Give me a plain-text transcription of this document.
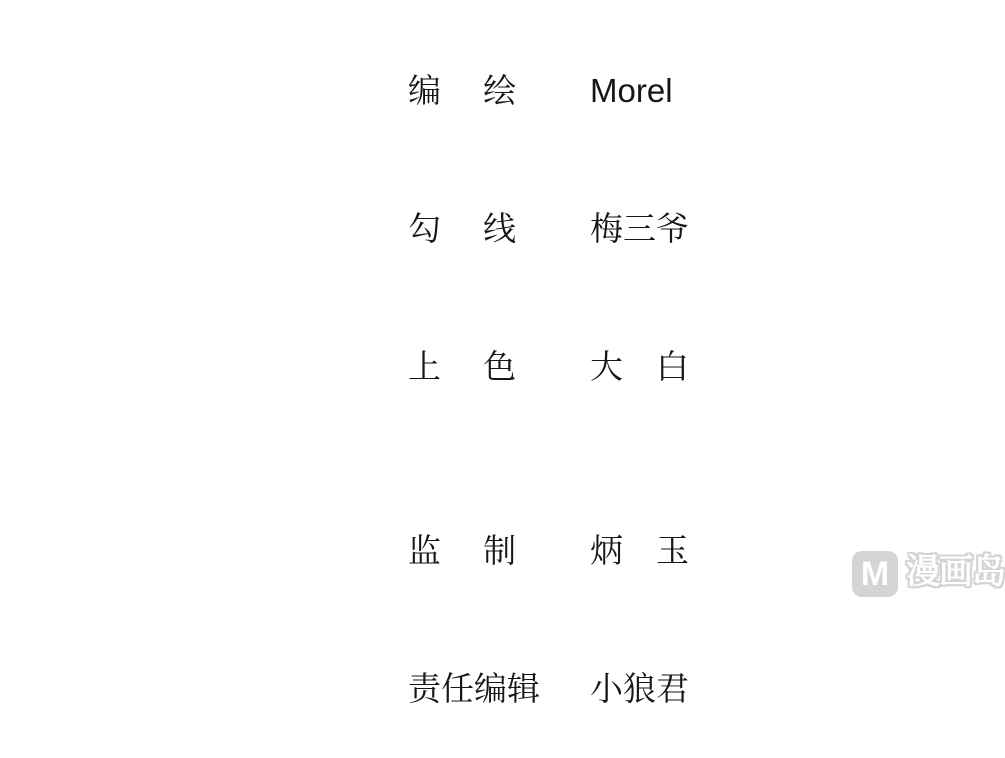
编　 绘 Morel

勾　 线 梅三爷

上　 色 大　白

监　 制 炳　玉

责任编辑 小狼君

M 漫画岛
